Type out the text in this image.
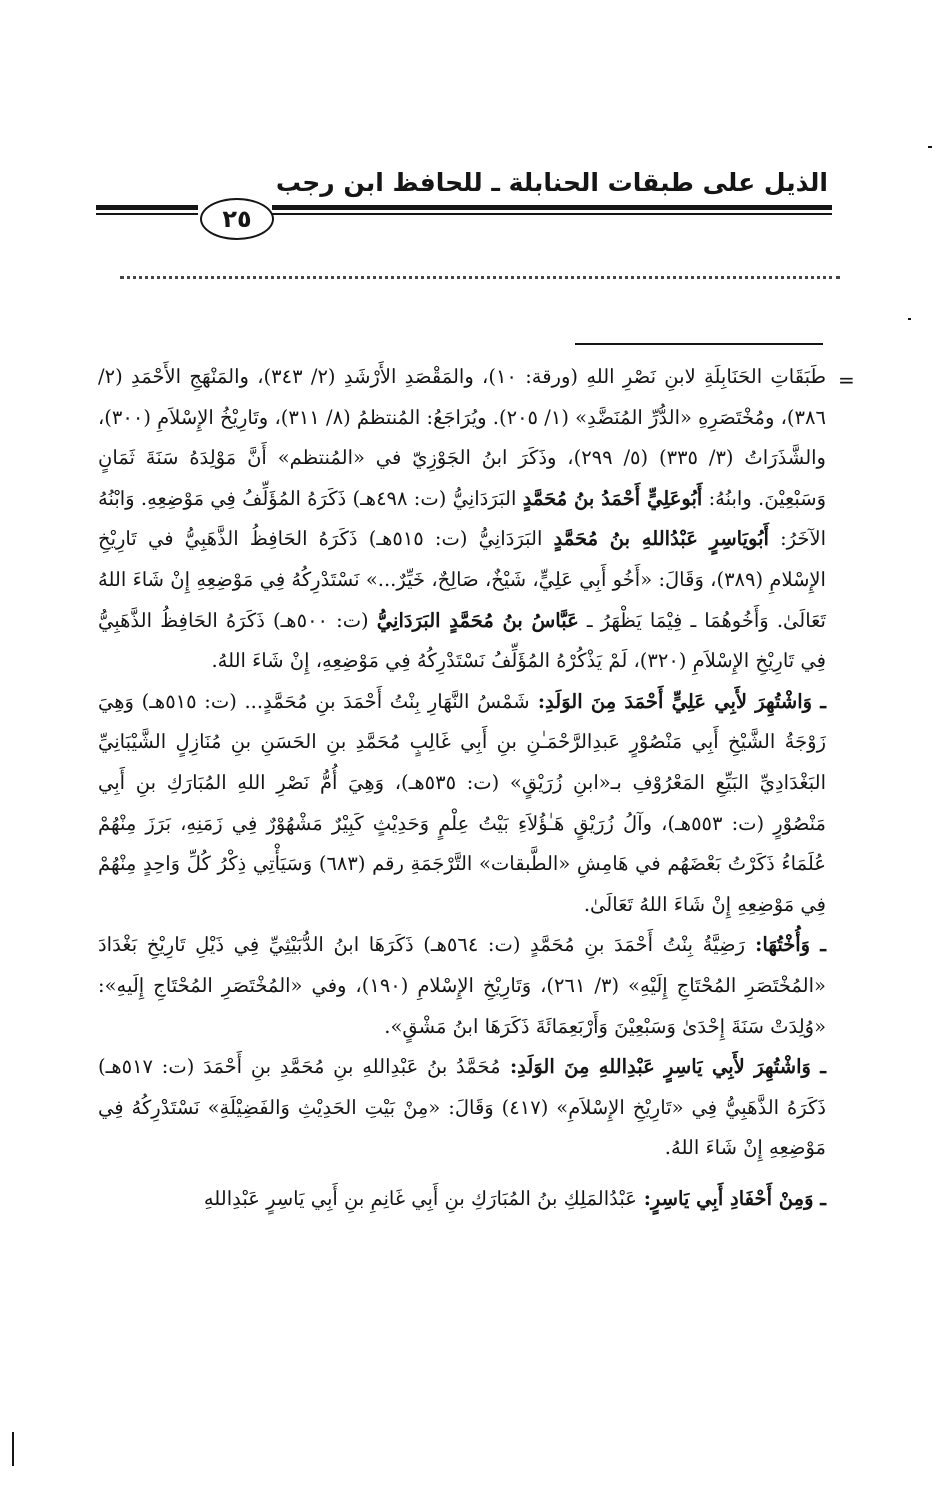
الذيل على طبقات الحنابلة ـ للحافظ ابن رجب
٢٥
=

طَبَقَاتِ الحَنَابِلَةِ لابنِ نَصْرِ اللهِ (ورقة: ١٠)، والمَقْصَدِ الأَرْشَدِ (٢/ ٣٤٣)، والمَنْهَجِ الأَحْمَدِ (٢/ ٣٨٦)، ومُخْتَصَرِهِ «الدُّرِّ المُنَضَّدِ» (١/ ٢٠٥). ويُرَاجَعُ: المُنتظمُ (٨/ ٣١١)، وتَارِيْخُ الإِسْلاَمِ (٣٠٠)، والشَّذَرَاتُ (٣/ ٣٣٥) (٥/ ٢٩٩)، وذَكَرَ ابنُ الجَوْزِيّ في «المُنتظم» أَنَّ مَوْلِدَهُ سَنَةَ ثَمَانٍ وَسَبْعِيْنَ. وابنُهُ: أَبُوعَلِيٍّ أَحْمَدُ بنُ مُحَمَّدٍ البَرَدَانِيُّ (ت: ٤٩٨هـ) ذَكَرَهُ المُؤَلِّفُ فِي مَوْضِعِهِ. وَابْنُهُ الآخَرُ: أَبُويَاسِرٍ عَبْدُاللهِ بنُ مُحَمَّدٍ البَرَدَانِيُّ (ت: ٥١٥هـ) ذَكَرَهُ الحَافِظُ الذَّهَبِيُّ في تَارِيْخِ الإِسْلامِ (٣٨٩)، وَقَالَ: «أَخُو أَبِي عَلِيٍّ، شَيْخٌ، صَالِحٌ، خَيِّرٌ...» نَسْتَدْرِكُهُ فِي مَوْضِعِهِ إِنْ شَاءَ اللهُ تَعَالَىٰ. وَأَخُوهُمَا ـ فِيْمَا يَظْهَرُ ـ عَبَّاسُ بنُ مُحَمَّدٍ البَرَدَانِيُّ (ت: ٥٠٠هـ) ذَكَرَهُ الحَافِظُ الذَّهَبِيُّ فِي تَارِيْخِ الإِسْلاَمِ (٣٢٠)، لَمْ يَذْكُرْهُ المُؤَلِّفُ نَسْتَدْرِكُهُ فِي مَوْضِعِهِ، إِنْ شَاءَ اللهُ.

ـ وَاشْتُهِرَ لأَبِي عَلِيٍّ أَحْمَدَ مِنَ الوَلَدِ: شَمْسُ النَّهَارِ بِنْتُ أَحْمَدَ بنِ مُحَمَّدٍ... (ت: ٥١٥هـ) وَهِيَ زَوْجَةُ الشَّيْخِ أَبِي مَنْصُوْرٍ عَبدِالرَّحْمَـٰنِ بنِ أَبِي غَالِبٍ مُحَمَّدِ بنِ الحَسَنِ بنِ مُنَازِلٍ الشَّيْبَانِيِّ البَغْدَادِيِّ البَيِّعِ المَعْرُوْفِ بـ«ابنِ زُرَيْقٍ» (ت: ٥٣٥هـ)، وَهِيَ أُمُّ نَصْرِ اللهِ المُبَارَكِ بنِ أَبِي مَنْصُوْرٍ (ت: ٥٥٣هـ)، وآلُ زُرَيْقٍ هَـٰؤُلاَءِ بَيْتُ عِلْمٍ وَحَدِيْثٍ كَبِيْرٌ مَشْهُوْرٌ فِي زَمَنِهِ، بَرَزَ مِنْهُمْ عُلَمَاءُ ذَكَرْتُ بَعْضَهُم في هَامِشِ «الطَّبقات» التَّرْجَمَةِ رقم (٦٨٣) وَسَيَأْتِي ذِكْرُ كُلِّ وَاحِدٍ مِنْهُمْ فِي مَوْضِعِهِ إِنْ شَاءَ اللهُ تَعَالَىٰ.

ـ وَأُخْتُهَا: رَضِيَّةُ بِنْتُ أَحْمَدَ بنِ مُحَمَّدٍ (ت: ٥٦٤هـ) ذَكَرَهَا ابنُ الدُّبَيْثِيِّ فِي ذَيْلِ تَارِيْخِ بَغْدَادَ «المُخْتَصَرِ المُحْتَاجِ إِلَيْهِ» (٣/ ٢٦١)، وَتَارِيْخِ الإِسْلامِ (١٩٠)، وفي «المُخْتَصَرِ المُحْتَاجِ إِلَيهِ»: «وُلِدَتْ سَنَةَ إِحْدَىٰ وَسَبْعِيْنَ وَأَرْبَعِمَائَةَ ذَكَرَهَا ابنُ مَشْقٍ».

ـ وَاشْتُهِرَ لأَبِي يَاسِرٍ عَبْدِاللهِ مِنَ الوَلَدِ: مُحَمَّدُ بنُ عَبْدِاللهِ بنِ مُحَمَّدِ بنِ أَحْمَدَ (ت: ٥١٧هـ) ذَكَرَهُ الذَّهَبِيُّ فِي «تَارِيْخِ الإِسْلاَمِ» (٤١٧) وَقَالَ: «مِنْ بَيْتِ الحَدِيْثِ وَالفَضِيْلَةِ» نَسْتَدْرِكُهُ فِي مَوْضِعِهِ إِنْ شَاءَ اللهُ.

ـ وَمِنْ أَحْفَادِ أَبِي يَاسِرٍ: عَبْدُالمَلِكِ بنُ المُبَارَكِ بنِ أَبِي غَانِمِ بنِ أَبِي يَاسِرٍ عَبْدِاللهِ
